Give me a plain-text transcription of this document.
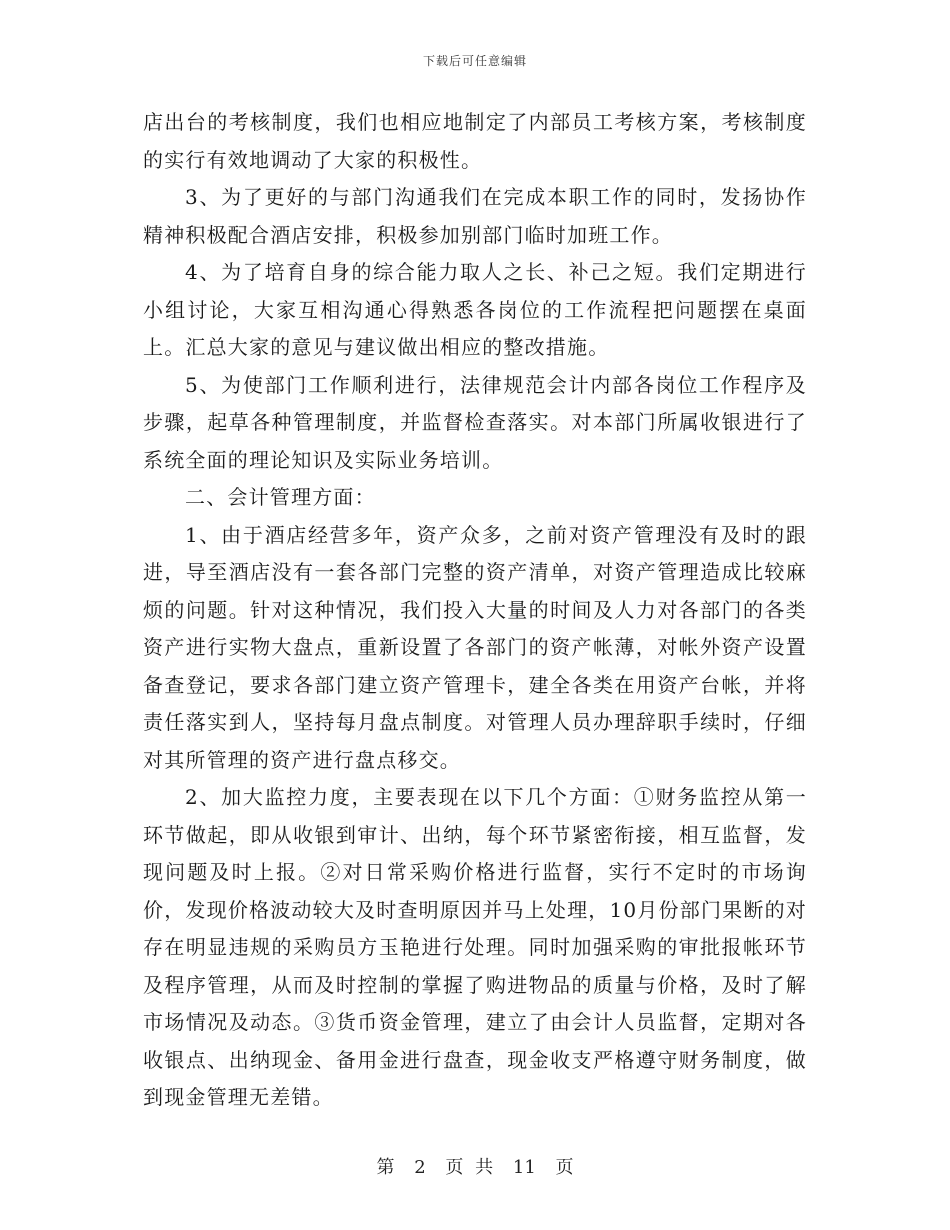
下载后可任意编辑

店出台的考核制度，我们也相应地制定了内部员工考核方案，考核制度的实行有效地调动了大家的积极性。

3、为了更好的与部门沟通我们在完成本职工作的同时，发扬协作精神积极配合酒店安排，积极参加别部门临时加班工作。

4、为了培育自身的综合能力取人之长、补己之短。我们定期进行小组讨论，大家互相沟通心得熟悉各岗位的工作流程把问题摆在桌面上。汇总大家的意见与建议做出相应的整改措施。

5、为使部门工作顺利进行，法律规范会计内部各岗位工作程序及步骤，起草各种管理制度，并监督检查落实。对本部门所属收银进行了系统全面的理论知识及实际业务培训。

二、会计管理方面：

1、由于酒店经营多年，资产众多，之前对资产管理没有及时的跟进，导至酒店没有一套各部门完整的资产清单，对资产管理造成比较麻烦的问题。针对这种情况，我们投入大量的时间及人力对各部门的各类资产进行实物大盘点，重新设置了各部门的资产帐薄，对帐外资产设置备查登记，要求各部门建立资产管理卡，建全各类在用资产台帐，并将责任落实到人，坚持每月盘点制度。对管理人员办理辞职手续时，仔细对其所管理的资产进行盘点移交。

2、加大监控力度，主要表现在以下几个方面：①财务监控从第一环节做起，即从收银到审计、出纳，每个环节紧密衔接，相互监督，发现问题及时上报。②对日常采购价格进行监督，实行不定时的市场询价，发现价格波动较大及时查明原因并马上处理，10月份部门果断的对存在明显违规的采购员方玉艳进行处理。同时加强采购的审批报帐环节及程序管理，从而及时控制的掌握了购进物品的质量与价格，及时了解市场情况及动态。③货币资金管理，建立了由会计人员监督，定期对各收银点、出纳现金、备用金进行盘查，现金收支严格遵守财务制度，做到现金管理无差错。

第 2 页 共 11 页
